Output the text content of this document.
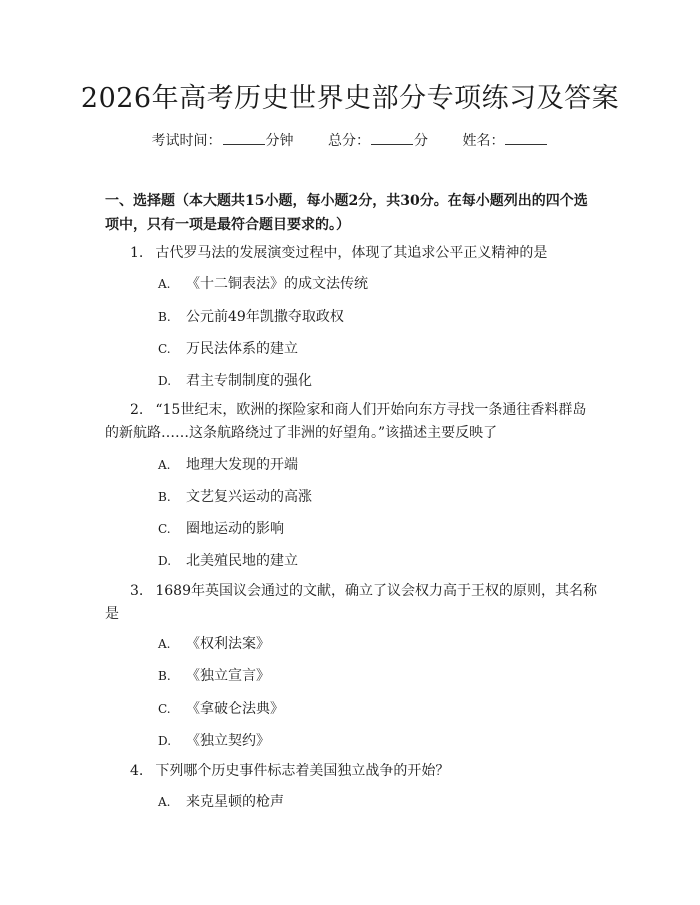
2026年高考历史世界史部分专项练习及答案
考试时间：	分钟 总分：	分 姓名：
一、选择题（本大题共15小题，每小题2分，共30分。在每小题列出的四个选项中，只有一项是最符合题目要求的。）
1. 古代罗马法的发展演变过程中，体现了其追求公平正义精神的是
A. 《十二铜表法》的成文法传统
B. 公元前49年凯撒夺取政权
C. 万民法体系的建立
D. 君主专制制度的强化
2. “15世纪末，欧洲的探险家和商人们开始向东方寻找一条通往香料群岛的新航路……这条航路绕过了非洲的好望角。”该描述主要反映了
A. 地理大发现的开端
B. 文艺复兴运动的高涨
C. 圈地运动的影响
D. 北美殖民地的建立
3. 1689年英国议会通过的文献，确立了议会权力高于王权的原则，其名称是
A. 《权利法案》
B. 《独立宣言》
C. 《拿破仑法典》
D. 《独立契约》
4. 下列哪个历史事件标志着美国独立战争的开始？
A. 来克星顿的枪声
